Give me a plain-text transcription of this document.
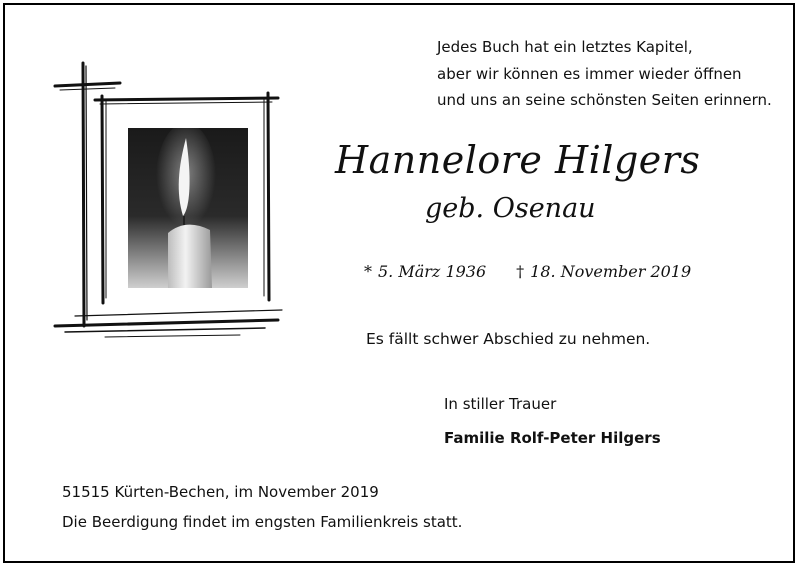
Jedes Buch hat ein letztes Kapitel,
aber wir können es immer wieder öffnen
und uns an seine schönsten Seiten erinnern.
Hannelore Hilgers
geb. Osenau
* 5. März 1936 † 18. November 2019
Es fällt schwer Abschied zu nehmen.
In stiller Trauer
Familie Rolf-Peter Hilgers
51515 Kürten-Bechen, im November 2019
Die Beerdigung findet im engsten Familienkreis statt.
